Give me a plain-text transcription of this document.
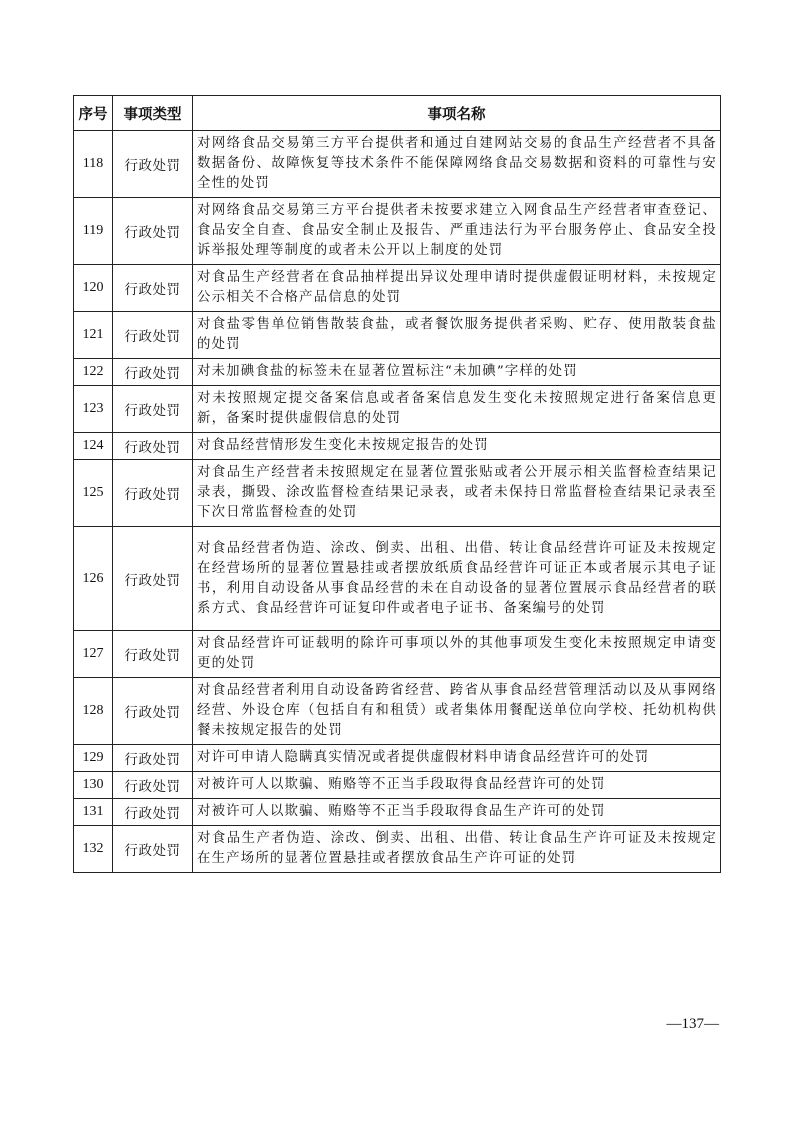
序号	事项类型	事项名称
118	行政处罚	对网络食品交易第三方平台提供者和通过自建网站交易的食品生产经营者不具备数据备份、故障恢复等技术条件不能保障网络食品交易数据和资料的可靠性与安全性的处罚
119	行政处罚	对网络食品交易第三方平台提供者未按要求建立入网食品生产经营者审查登记、食品安全自查、食品安全制止及报告、严重违法行为平台服务停止、食品安全投诉举报处理等制度的或者未公开以上制度的处罚
120	行政处罚	对食品生产经营者在食品抽样提出异议处理申请时提供虚假证明材料，未按规定公示相关不合格产品信息的处罚
121	行政处罚	对食盐零售单位销售散装食盐，或者餐饮服务提供者采购、贮存、使用散装食盐的处罚
122	行政处罚	对未加碘食盐的标签未在显著位置标注“未加碘”字样的处罚
123	行政处罚	对未按照规定提交备案信息或者备案信息发生变化未按照规定进行备案信息更新，备案时提供虚假信息的处罚
124	行政处罚	对食品经营情形发生变化未按规定报告的处罚
125	行政处罚	对食品生产经营者未按照规定在显著位置张贴或者公开展示相关监督检查结果记录表，撕毁、涂改监督检查结果记录表，或者未保持日常监督检查结果记录表至下次日常监督检查的处罚
126	行政处罚	对食品经营者伪造、涂改、倒卖、出租、出借、转让食品经营许可证及未按规定在经营场所的显著位置悬挂或者摆放纸质食品经营许可证正本或者展示其电子证书，利用自动设备从事食品经营的未在自动设备的显著位置展示食品经营者的联系方式、食品经营许可证复印件或者电子证书、备案编号的处罚
127	行政处罚	对食品经营许可证载明的除许可事项以外的其他事项发生变化未按照规定申请变更的处罚
128	行政处罚	对食品经营者利用自动设备跨省经营、跨省从事食品经营管理活动以及从事网络经营、外设仓库（包括自有和租赁）或者集体用餐配送单位向学校、托幼机构供餐未按规定报告的处罚
129	行政处罚	对许可申请人隐瞒真实情况或者提供虚假材料申请食品经营许可的处罚
130	行政处罚	对被许可人以欺骗、贿赂等不正当手段取得食品经营许可的处罚
131	行政处罚	对被许可人以欺骗、贿赂等不正当手段取得食品生产许可的处罚
132	行政处罚	对食品生产者伪造、涂改、倒卖、出租、出借、转让食品生产许可证及未按规定在生产场所的显著位置悬挂或者摆放食品生产许可证的处罚
—137—
